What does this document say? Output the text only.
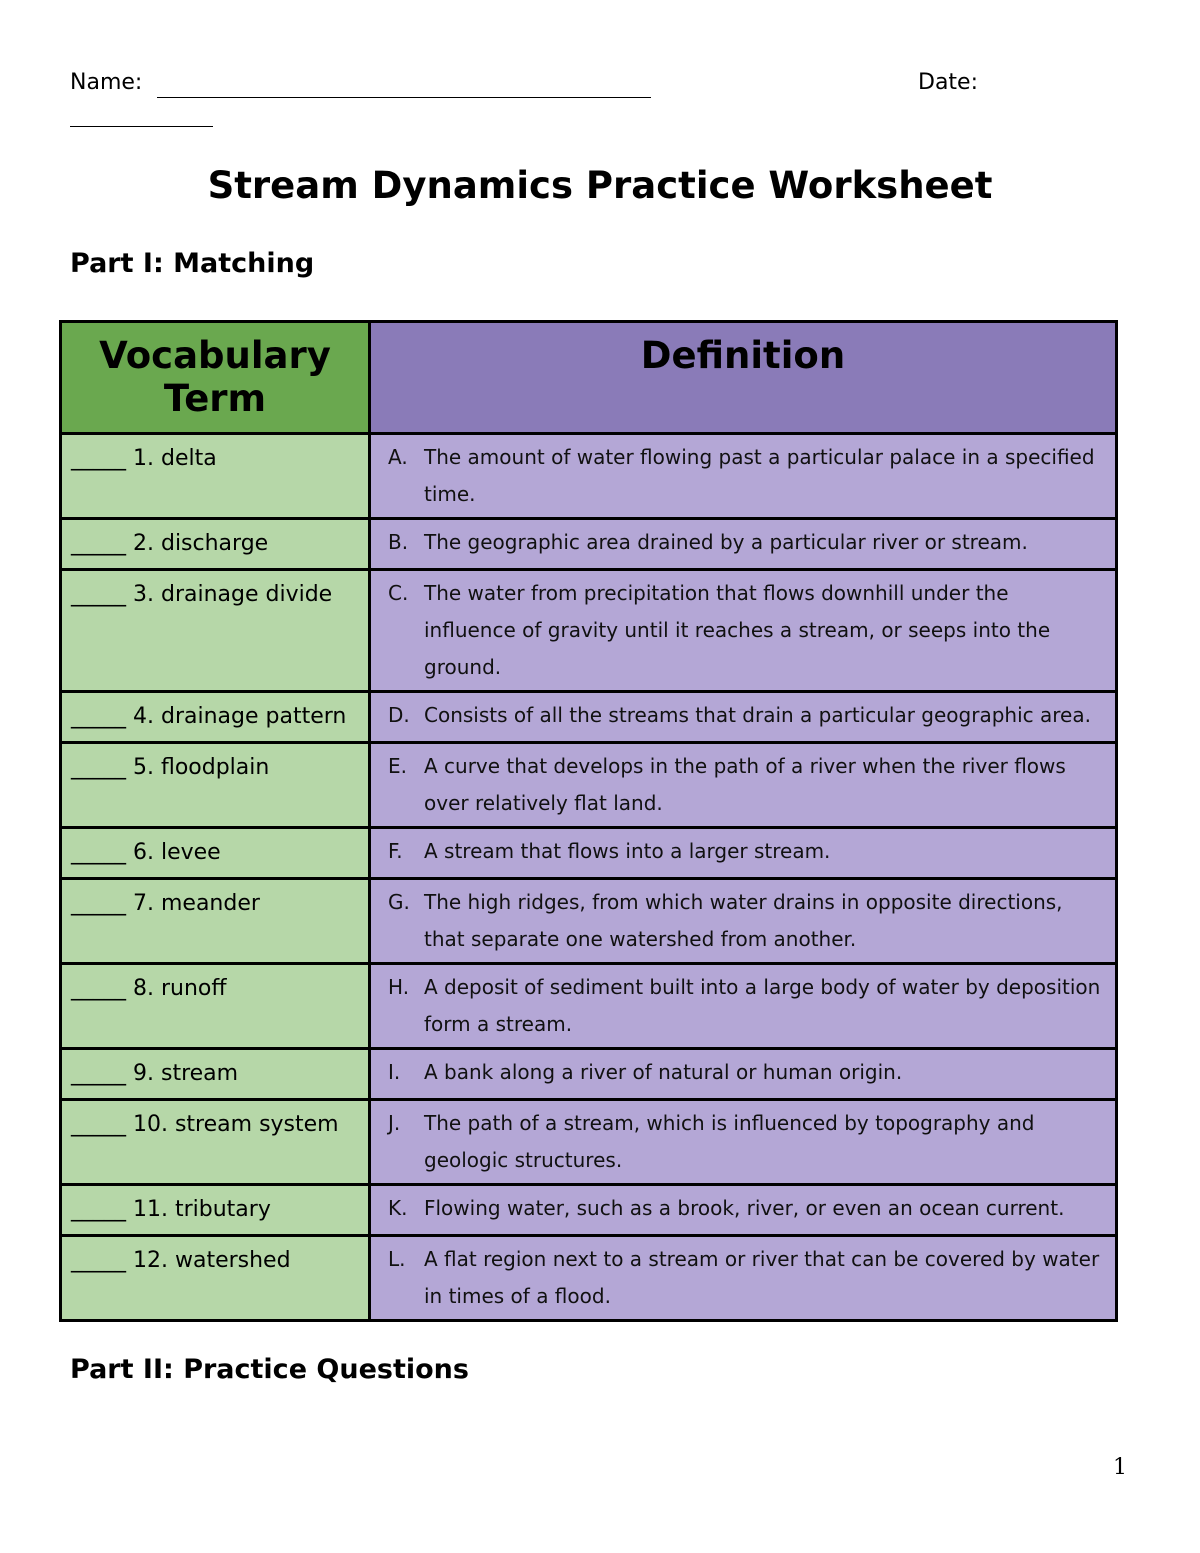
Name:	Date:
Stream Dynamics Practice Worksheet
Part I: Matching
Vocabulary Term	Definition
_____ 1. delta	A. The amount of water flowing past a particular palace in a specified time.

_____ 2. discharge	B. The geographic area drained by a particular river or stream.

_____ 3. drainage divide	C. The water from precipitation that flows downhill under the influence of gravity until it reaches a stream, or seeps into the ground.

_____ 4. drainage pattern	D. Consists of all the streams that drain a particular geographic area.

_____ 5. floodplain	E. A curve that develops in the path of a river when the river flows over relatively flat land.

_____ 6. levee	F. A stream that flows into a larger stream.

_____ 7. meander	G. The high ridges, from which water drains in opposite directions, that separate one watershed from another.

_____ 8. runoff	H. A deposit of sediment built into a large body of water by deposition form a stream.

_____ 9. stream	I. A bank along a river of natural or human origin.

_____ 10. stream system	J. The path of a stream, which is influenced by topography and geologic structures.

_____ 11. tributary	K. Flowing water, such as a brook, river, or even an ocean current.

_____ 12. watershed	L. A flat region next to a stream or river that can be covered by water in times of a flood.
Part II: Practice Questions
1
